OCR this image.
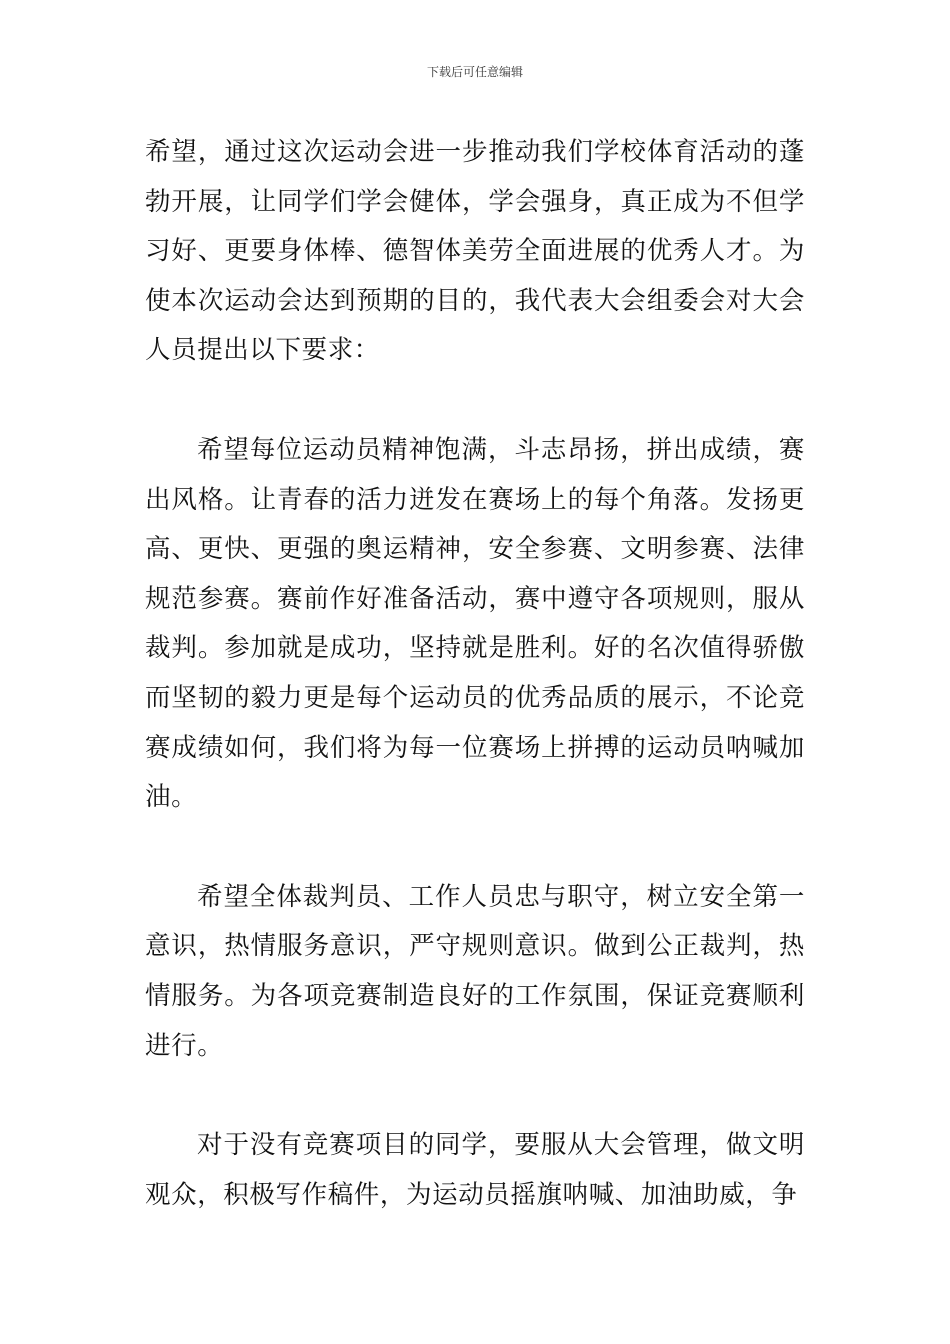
下载后可任意编辑

希望，通过这次运动会进一步推动我们学校体育活动的蓬勃开展，让同学们学会健体，学会强身，真正成为不但学习好、更要身体棒、德智体美劳全面进展的优秀人才。为使本次运动会达到预期的目的，我代表大会组委会对大会人员提出以下要求：

希望每位运动员精神饱满，斗志昂扬，拼出成绩，赛出风格。让青春的活力迸发在赛场上的每个角落。发扬更高、更快、更强的奥运精神，安全参赛、文明参赛、法律规范参赛。赛前作好准备活动，赛中遵守各项规则，服从裁判。参加就是成功，坚持就是胜利。好的名次值得骄傲而坚韧的毅力更是每个运动员的优秀品质的展示，不论竞赛成绩如何，我们将为每一位赛场上拼搏的运动员呐喊加油。

希望全体裁判员、工作人员忠与职守，树立安全第一意识，热情服务意识，严守规则意识。做到公正裁判，热情服务。为各项竞赛制造良好的工作氛围，保证竞赛顺利进行。

对于没有竞赛项目的同学，要服从大会管理，做文明观众，积极写作稿件，为运动员摇旗呐喊、加油助威，争
